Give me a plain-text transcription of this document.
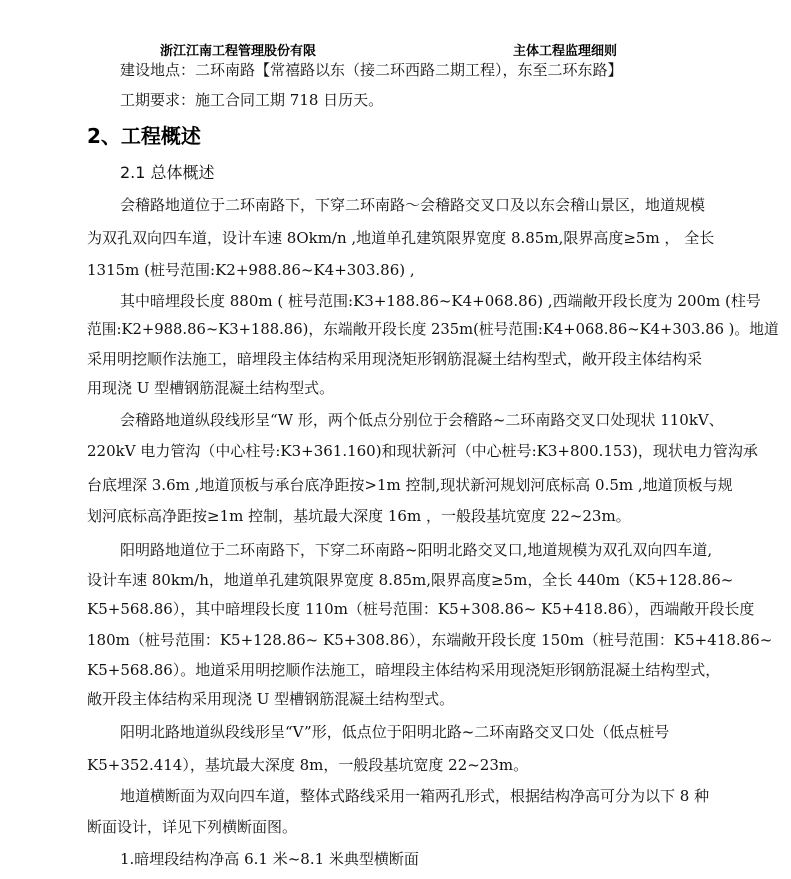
浙江江南工程管理股份有限	主体工程监理细则
建设地点：二环南路【常禧路以东（接二环西路二期工程），东至二环东路】
工期要求：施工合同工期 718 日历天。
2、工程概述
2.1 总体概述
会稽路地道位于二环南路下，下穿二环南路～会稽路交叉口及以东会稽山景区，地道规模
为双孔双向四车道，设计车速 8Okm/n ,地道单孔建筑限界宽度 8.85m,限界高度≥5m ， 全长
1315m (桩号范围:K2+988.86~K4+303.86) ,
其中暗埋段长度 880m ( 桩号范围:K3+188.86~K4+068.86) ,西端敞开段长度为 200m (柱号
范围:K2+988.86~K3+188.86)，东端敞开段长度 235m(桩号范围:K4+068.86~K4+303.86 )。地道
采用明挖顺作法施工，暗埋段主体结构采用现浇矩形钢筋混凝土结构型式，敞开段主体结构采
用现浇 U 型槽钢筋混凝土结构型式。
会稽路地道纵段线形呈“W 形，两个低点分别位于会稽路~二环南路交叉口处现状 110kV、
220kV 电力管沟（中心柱号:K3+361.160)和现状新河（中心桩号:K3+800.153)，现状电力管沟承
台底埋深 3.6m ,地道顶板与承台底净距按>1m 控制,现状新河规划河底标高 0.5m ,地道顶板与规
划河底标高净距按≥1m 控制，基坑最大深度 16m ，一般段基坑宽度 22~23m。
阳明路地道位于二环南路下，下穿二环南路~阳明北路交叉口,地道规模为双孔双向四车道,
设计车速 80km/h，地道单孔建筑限界宽度 8.85m,限界高度≥5m，全长 440m（K5+128.86~
K5+568.86），其中暗埋段长度 110m（桩号范围：K5+308.86~ K5+418.86），西端敞开段长度
180m（桩号范围：K5+128.86~ K5+308.86），东端敞开段长度 150m（桩号范围：K5+418.86~
K5+568.86）。地道采用明挖顺作法施工，暗埋段主体结构采用现浇矩形钢筋混凝土结构型式，
敞开段主体结构采用现浇 U 型槽钢筋混凝土结构型式。
阳明北路地道纵段线形呈“V”形，低点位于阳明北路~二环南路交叉口处（低点桩号
K5+352.414），基坑最大深度 8m，一般段基坑宽度 22~23m。
地道横断面为双向四车道，整体式路线采用一箱两孔形式，根据结构净高可分为以下 8 种
断面设计，详见下列横断面图。
1.暗埋段结构净高 6.1 米~8.1 米典型横断面
